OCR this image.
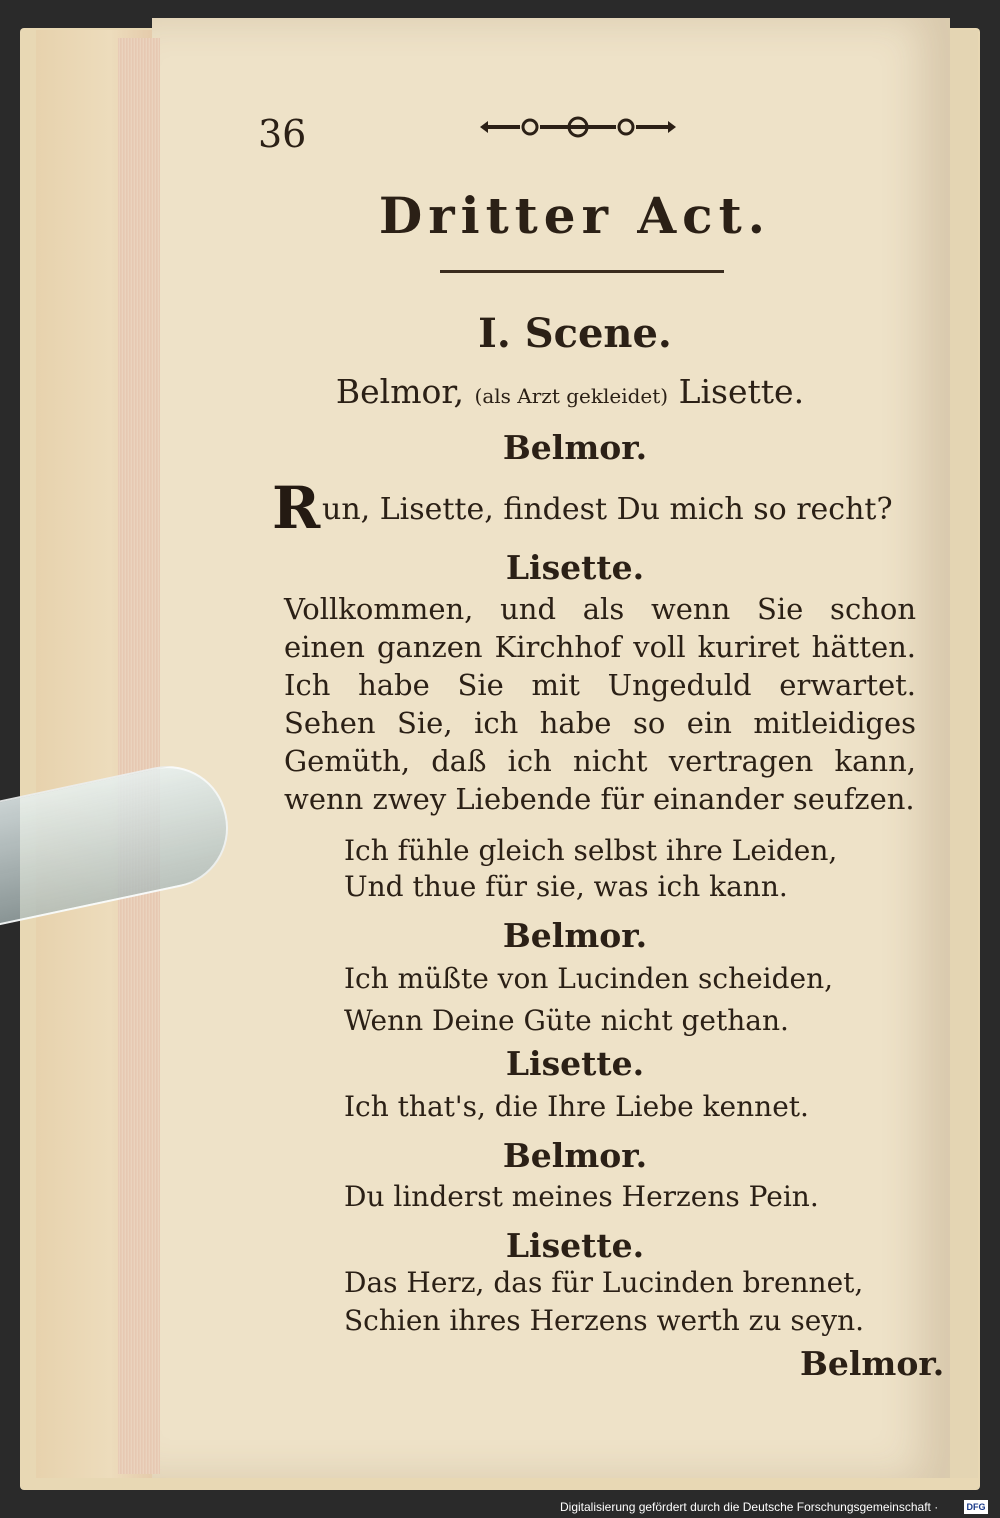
36
Dritter Act.
I. Scene.
Belmor, (als Arzt gekleidet) Lisette.
Belmor.
R un, Lisette, findest Du mich so recht?
Lisette.
Vollkommen, und als wenn Sie schon einen ganzen Kirchhof voll kuriret hätten. Ich habe Sie mit Ungeduld erwartet. Sehen Sie, ich habe so ein mitleidiges Gemüth, daß ich nicht vertragen kann, wenn zwey Liebende für einander seufzen.
Ich fühle gleich selbst ihre Leiden,
Und thue für sie, was ich kann.
Belmor.
Ich müßte von Lucinden scheiden,
Wenn Deine Güte nicht gethan.
Lisette.
Ich that's, die Ihre Liebe kennet.
Belmor.
Du linderst meines Herzens Pein.
Lisette.
Das Herz, das für Lucinden brennet,
Schien ihres Herzens werth zu seyn.
Belmor.
Digitalisierung gefördert durch die Deutsche Forschungsgemeinschaft ·	DFG
